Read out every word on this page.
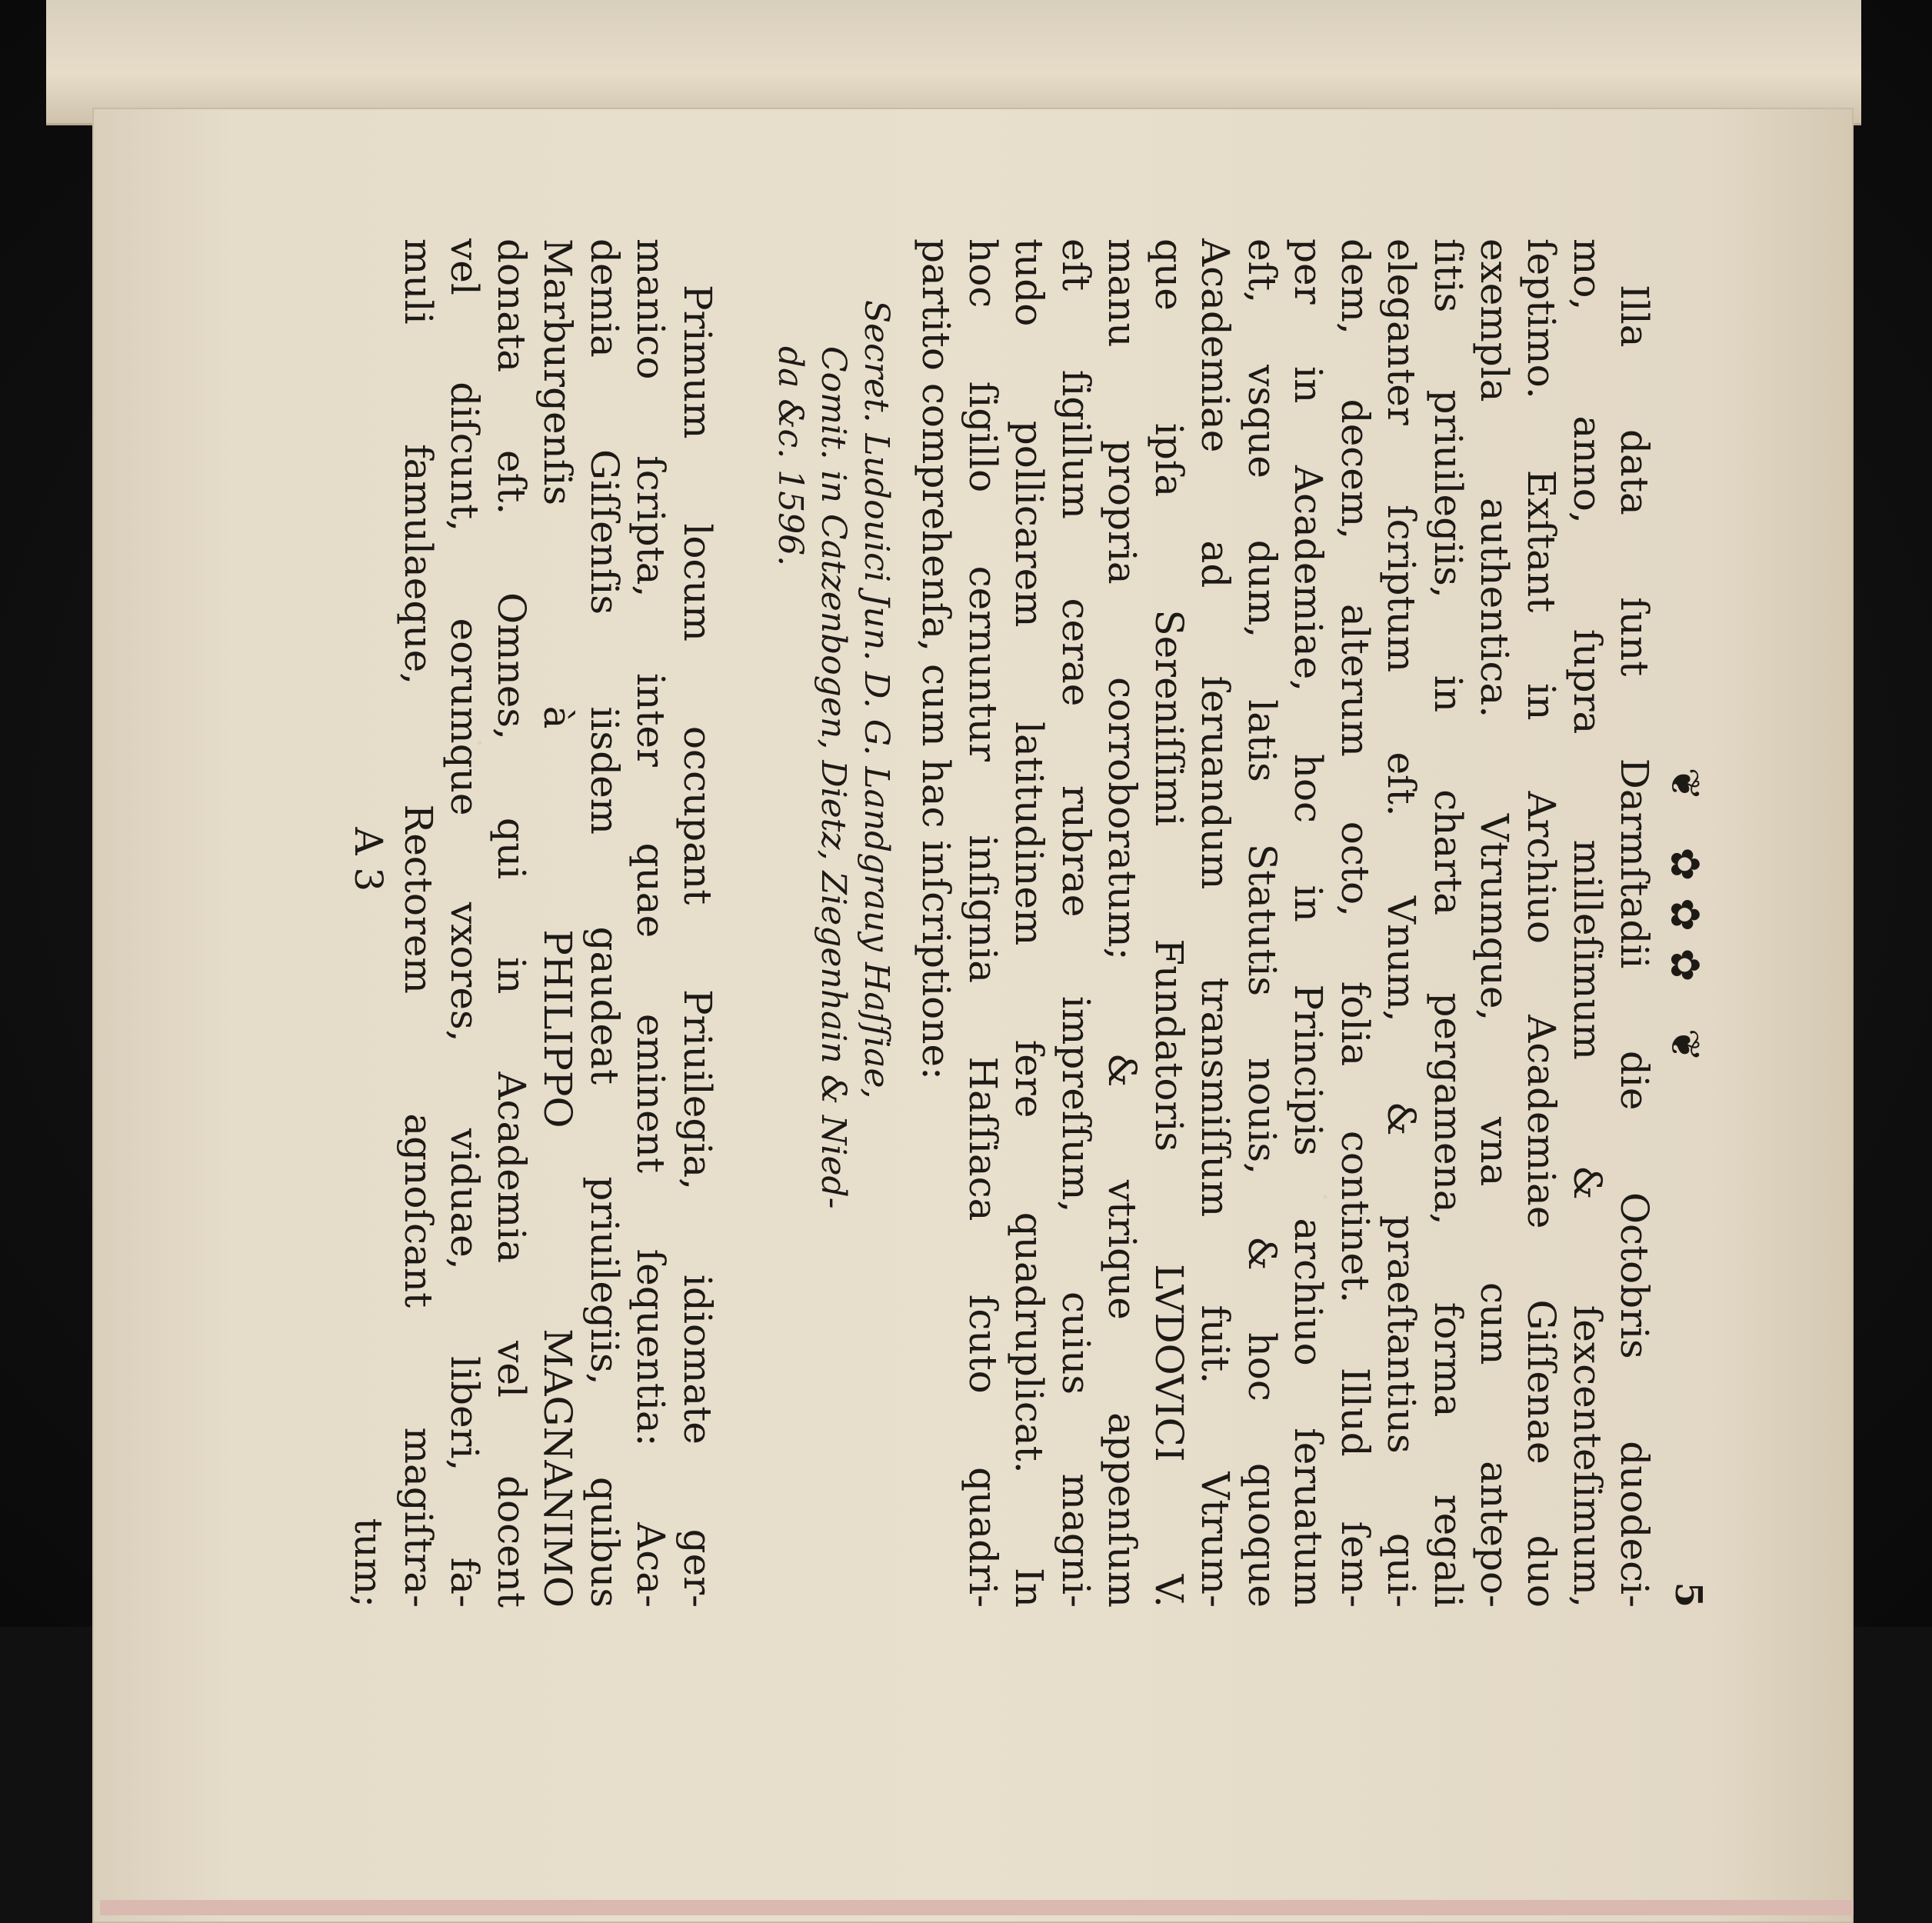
❦ ✿✿✿ ❦
5
Illa data ſunt Darmſtadii die Octobris duodeci-
mo, anno, ſupra milleſimum & ſexcenteſimum,
ſeptimo. Exſtant in Archiuo Academiae Giſſenae duo
exempla authentica. Vtrumque, vna cum antepo-
ſitis priuilegiis, in charta pergamena, forma regali
eleganter ſcriptum eſt. Vnum, & praeſtantius qui-
dem, decem, alterum octo, folia continet. Illud ſem-
per in Academiae, hoc in Principis archiuo ſeruatum
eſt, vsque dum, latis Statutis nouis, & hoc quoque
Academiae ad ſeruandum transmiſſum fuit. Vtrum-
que ipſa Sereniſſimi Fundatoris LVDOVICI V.
manu propria corroboratum; & vtrique appenſum
eſt ſigillum cerae rubrae impreſſum, cuius magni-
tudo pollicarem latitudinem fere quadruplicat. In
hoc ſigillo cernuntur inſignia Haſſiaca ſcuto quadri-
partito comprehenſa, cum hac inſcriptione:
Secret. Ludouici Jun. D. G. Landgrauy Haſſiae,
Comit. in Catzenbogen, Dietz, Ziegenhain & Nied-
da &c. 1596.
Primum locum occupant Priuilegia, idiomate ger-
manico ſcripta, inter quae eminent ſequentia: Aca-
demia Giſſenſis iisdem gaudeat priuilegiis, quibus
Marburgenſis à PHILIPPO MAGNANIMO
donata eſt. Omnes, qui in Academia vel docent
vel diſcunt, eorumque vxores, viduae, liberi, fa-
muli famulaeque, Rectorem agnoſcant magiſtra-
A 3
tum;
